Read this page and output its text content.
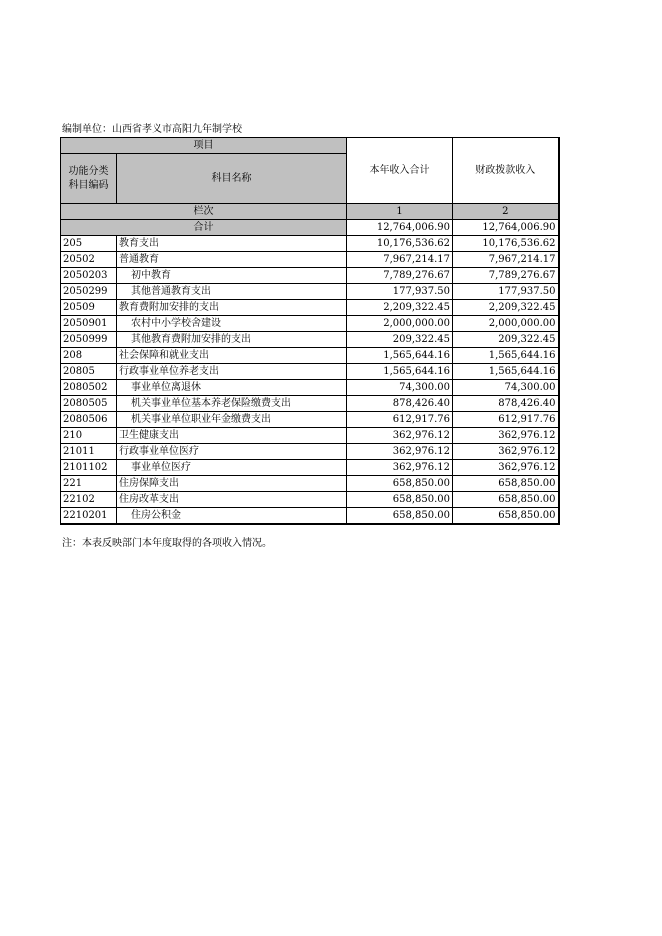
编制单位：山西省孝义市高阳九年制学校
项目		本年收入合计	财政拨款收入

功能分类
科目编码	科目名称		
栏次		1	2
合计		12,764,006.90	12,764,006.90
205	教育支出	10,176,536.62	10,176,536.62
20502	普通教育	7,967,214.17	7,967,214.17
2050203	初中教育	7,789,276.67	7,789,276.67
2050299	其他普通教育支出	177,937.50	177,937.50
20509	教育费附加安排的支出	2,209,322.45	2,209,322.45
2050901	农村中小学校舍建设	2,000,000.00	2,000,000.00
2050999	其他教育费附加安排的支出	209,322.45	209,322.45
208	社会保障和就业支出	1,565,644.16	1,565,644.16
20805	行政事业单位养老支出	1,565,644.16	1,565,644.16
2080502	事业单位离退休	74,300.00	74,300.00
2080505	机关事业单位基本养老保险缴费支出	878,426.40	878,426.40
2080506	机关事业单位职业年金缴费支出	612,917.76	612,917.76
210	卫生健康支出	362,976.12	362,976.12
21011	行政事业单位医疗	362,976.12	362,976.12
2101102	事业单位医疗	362,976.12	362,976.12
221	住房保障支出	658,850.00	658,850.00
22102	住房改革支出	658,850.00	658,850.00
2210201	住房公积金	658,850.00	658,850.00
注：本表反映部门本年度取得的各项收入情况。
